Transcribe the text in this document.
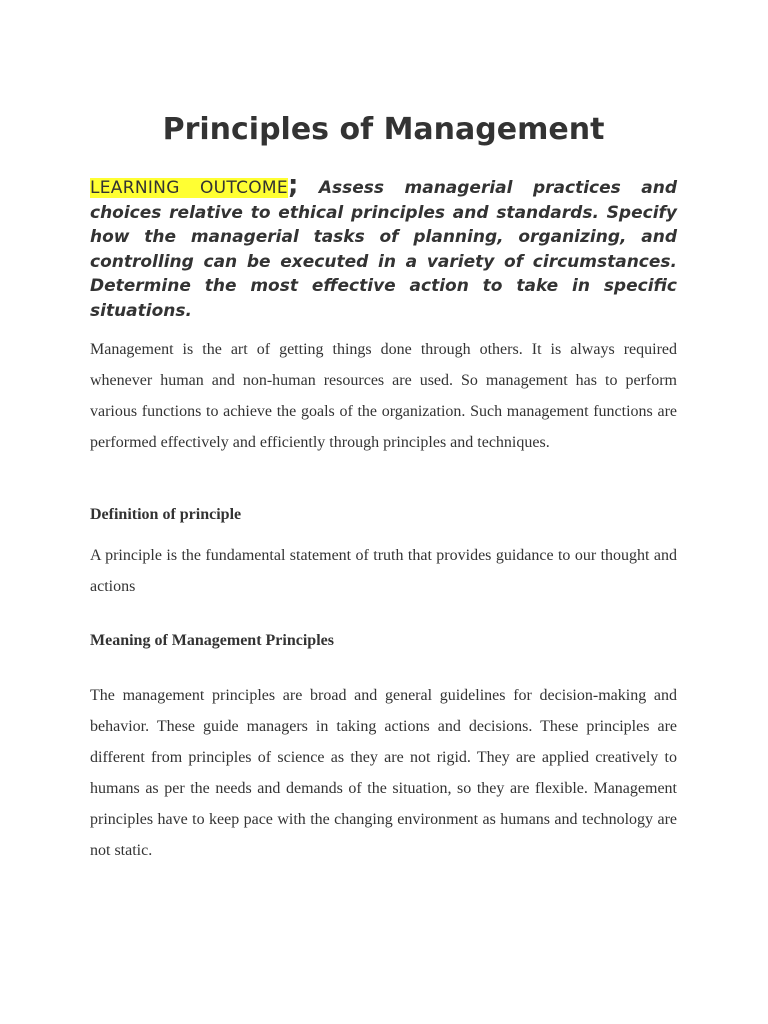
Principles of Management

LEARNING OUTCOME; Assess managerial practices and choices relative to ethical principles and standards. Specify how the managerial tasks of planning, organizing, and controlling can be executed in a variety of circumstances. Determine the most effective action to take in specific situations.

Management is the art of getting things done through others. It is always required whenever human and non-human resources are used. So management has to perform various functions to achieve the goals of the organization. Such management functions are performed effectively and efficiently through principles and techniques.

Definition of principle

A principle is the fundamental statement of truth that provides guidance to our thought and actions

Meaning of Management Principles

The management principles are broad and general guidelines for decision-making and behavior. These guide managers in taking actions and decisions. These principles are different from principles of science as they are not rigid. They are applied creatively to humans as per the needs and demands of the situation, so they are flexible. Management principles have to keep pace with the changing environment as humans and technology are not static.
